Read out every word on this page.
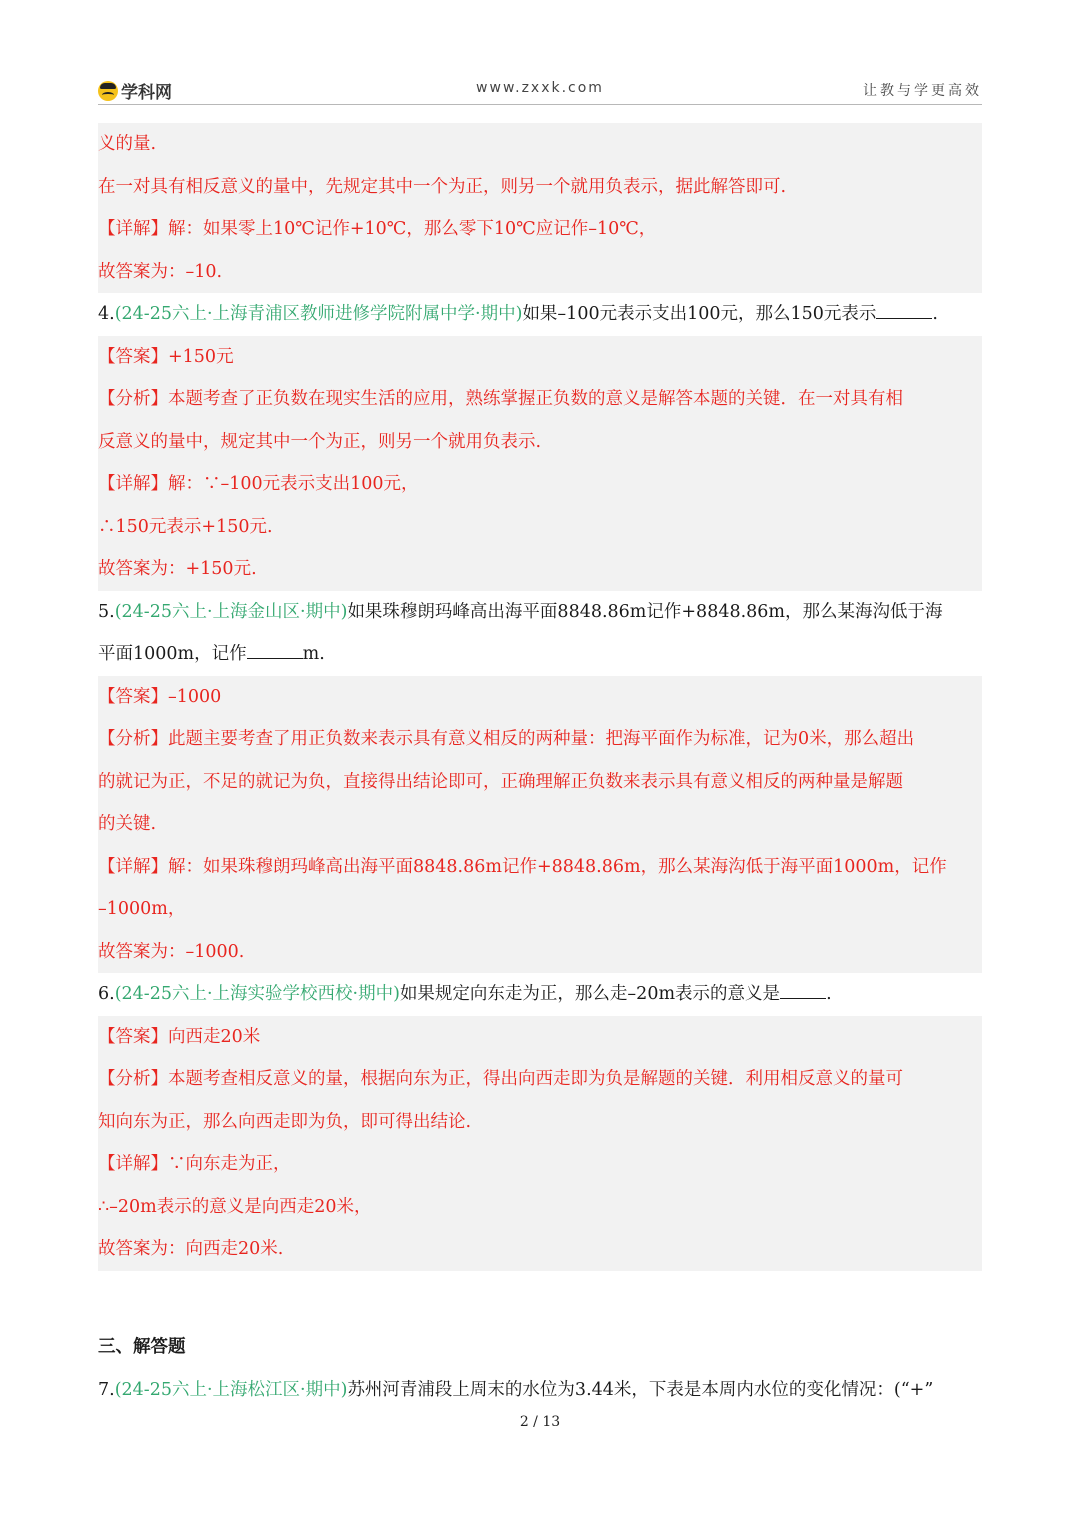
学科网	www.zxxk.com	让教与学更高效
义的量.
在一对具有相反意义的量中，先规定其中一个为正，则另一个就用负表示，据此解答即可.
【详解】解：如果零上10℃记作+10℃，那么零下10℃应记作–10℃，
故答案为：–10.
4.(24-25六上·上海青浦区教师进修学院附属中学·期中)如果–100元表示支出100元，那么150元表示	.
【答案】+150元
【分析】本题考查了正负数在现实生活的应用，熟练掌握正负数的意义是解答本题的关键．在一对具有相
反意义的量中，规定其中一个为正，则另一个就用负表示.
【详解】解：∵–100元表示支出100元，
∴150元表示+150元.
故答案为：+150元.
5.(24-25六上·上海金山区·期中)如果珠穆朗玛峰高出海平面8848.86m记作+8848.86m，那么某海沟低于海
平面1000m，记作	m.
【答案】–1000
【分析】此题主要考查了用正负数来表示具有意义相反的两种量：把海平面作为标准，记为0米，那么超出
的就记为正，不足的就记为负，直接得出结论即可，正确理解正负数来表示具有意义相反的两种量是解题
的关键.
【详解】解：如果珠穆朗玛峰高出海平面8848.86m记作+8848.86m，那么某海沟低于海平面1000m，记作
–1000m，
故答案为：–1000.
6.(24-25六上·上海实验学校西校·期中)如果规定向东走为正，那么走–20m表示的意义是	.
【答案】向西走20米
【分析】本题考查相反意义的量，根据向东为正，得出向西走即为负是解题的关键．利用相反意义的量可
知向东为正，那么向西走即为负，即可得出结论.
【详解】∵向东走为正，
∴–20m表示的意义是向西走20米，
故答案为：向西走20米.
三、解答题
7.(24-25六上·上海松江区·期中)苏州河青浦段上周末的水位为3.44米，下表是本周内水位的变化情况：(“+”
2 / 13
